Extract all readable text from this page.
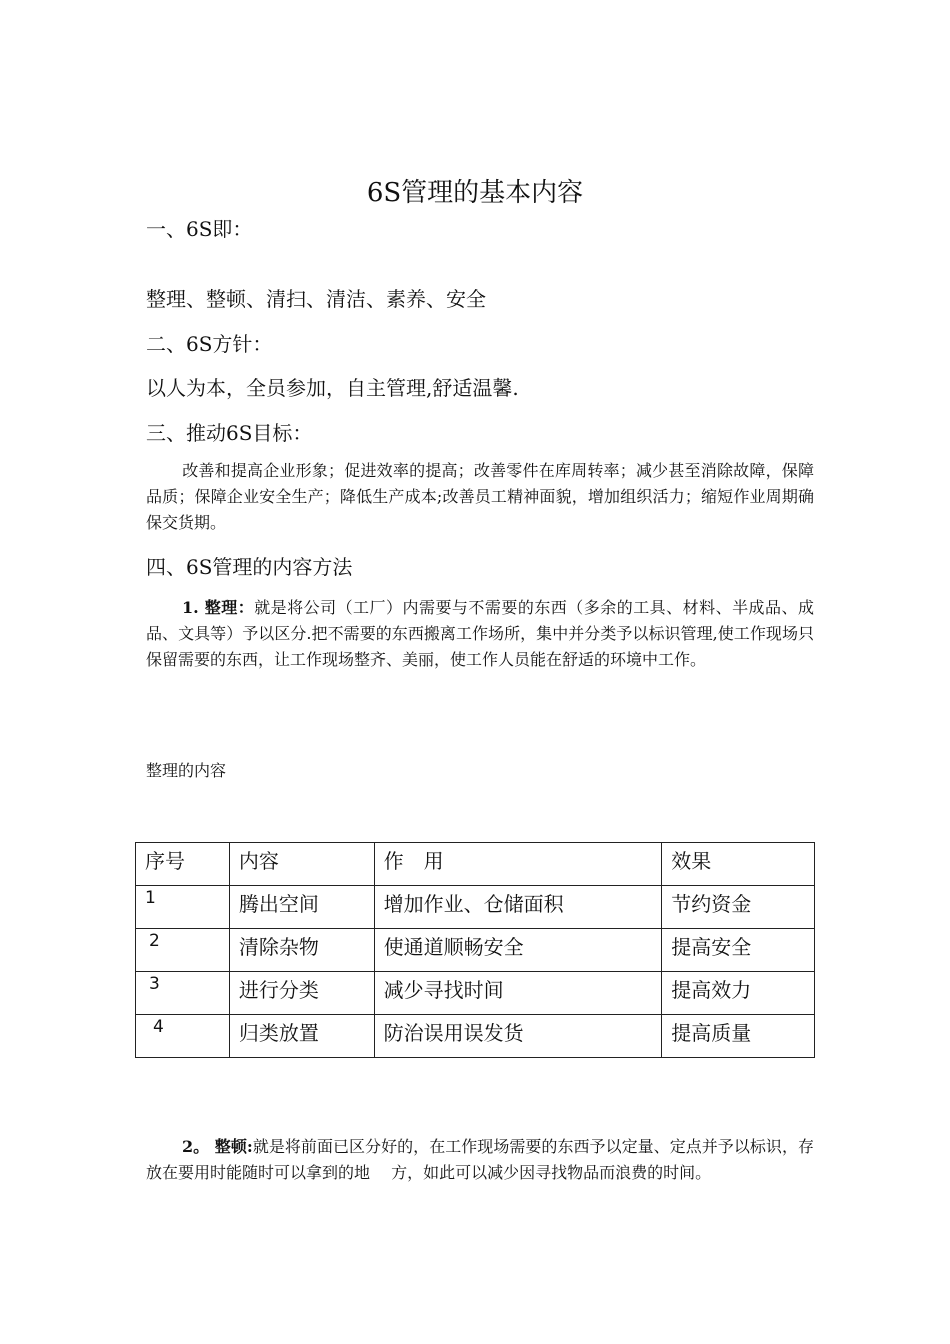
6S管理的基本内容
一、6S即：
整理、整顿、清扫、清洁、素养、安全
二、6S方针：
以人为本，全员参加，自主管理,舒适温馨.
三、推动6S目标：
改善和提高企业形象；促进效率的提高；改善零件在库周转率；减少甚至消除故障，保障品质；保障企业安全生产；降低生产成本;改善员工精神面貌，增加组织活力；缩短作业周期确保交货期。
四、6S管理的内容方法
1. 整理：就是将公司（工厂）内需要与不需要的东西（多余的工具、材料、半成品、成品、文具等）予以区分.把不需要的东西搬离工作场所，集中并分类予以标识管理,使工作现场只保留需要的东西，让工作现场整齐、美丽，使工作人员能在舒适的环境中工作。
整理的内容
序号	内容	作　用	效果
1	腾出空间	增加作业、仓储面积	节约资金
2	清除杂物	使通道顺畅安全	提高安全
3	进行分类	减少寻找时间	提高效力
4	归类放置	防治误用误发货	提高质量
2。 整顿:就是将前面已区分好的，在工作现场需要的东西予以定量、定点并予以标识，存放在要用时能随时可以拿到的地　 方，如此可以减少因寻找物品而浪费的时间。
